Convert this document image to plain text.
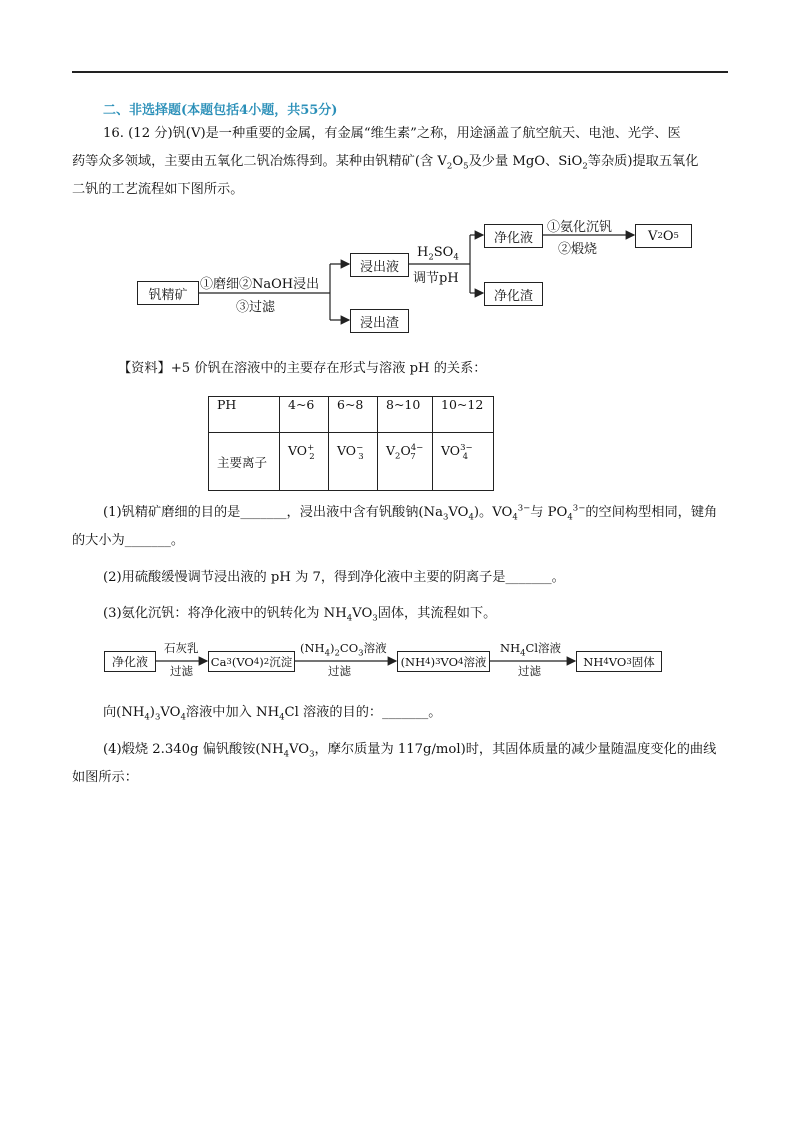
二、非选择题(本题包括4小题，共55分)
16. (12 分)钒(V)是一种重要的金属，有金属“维生素”之称，用途涵盖了航空航天、电池、光学、医
药等众多领域，主要由五氧化二钒冶炼得到。某种由钒精矿(含 $V_2O_5$及少量 MgO、SiO$_2$等杂质)提取五氧化
二钒的工艺流程如下图所示。
钒精矿
①磨细②NaOH浸出
③过滤
浸出液
浸出渣
$H_2SO_4$
调节pH
净化液
净化渣
①氨化沉钒
②煅烧
V 2 O 5
【资料】+5 价钒在溶液中的主要存在形式与溶液 pH 的关系：
PH	4~6	6~8	8~10	10~12
主要离子	$VO^+_2$	$VO^-_3$	$V_2O^{4-}_7$	$VO^{3-}_4$
(1)钒精矿磨细的目的是_______，浸出液中含有钒酸钠$(Na_3VO_4)$。$VO_4^{3-}$与 $PO_4^{3-}$的空间构型相同，键角
的大小为_______。
(2)用硫酸缓慢调节浸出液的 pH 为 7，得到净化液中主要的阴离子是_______。
(3)氨化沉钒：将净化液中的钒转化为 $NH_4VO_3$固体，其流程如下。
净化液
石灰乳
过滤
Ca 3 (VO 4 ) 2 沉淀
$(NH_4)_2CO_3$溶液
过滤
(NH 4 ) 3 VO 4 溶液
$NH_4Cl$溶液
过滤
NH 4 VO 3 固体
向$(NH_4)_3VO_4$溶液中加入 $NH_4Cl$ 溶液的目的：_______。
(4)煅烧 2.340g 偏钒酸铵($NH_4VO_3$，摩尔质量为 117g/mol)时，其固体质量的减少量随温度变化的曲线
如图所示：
